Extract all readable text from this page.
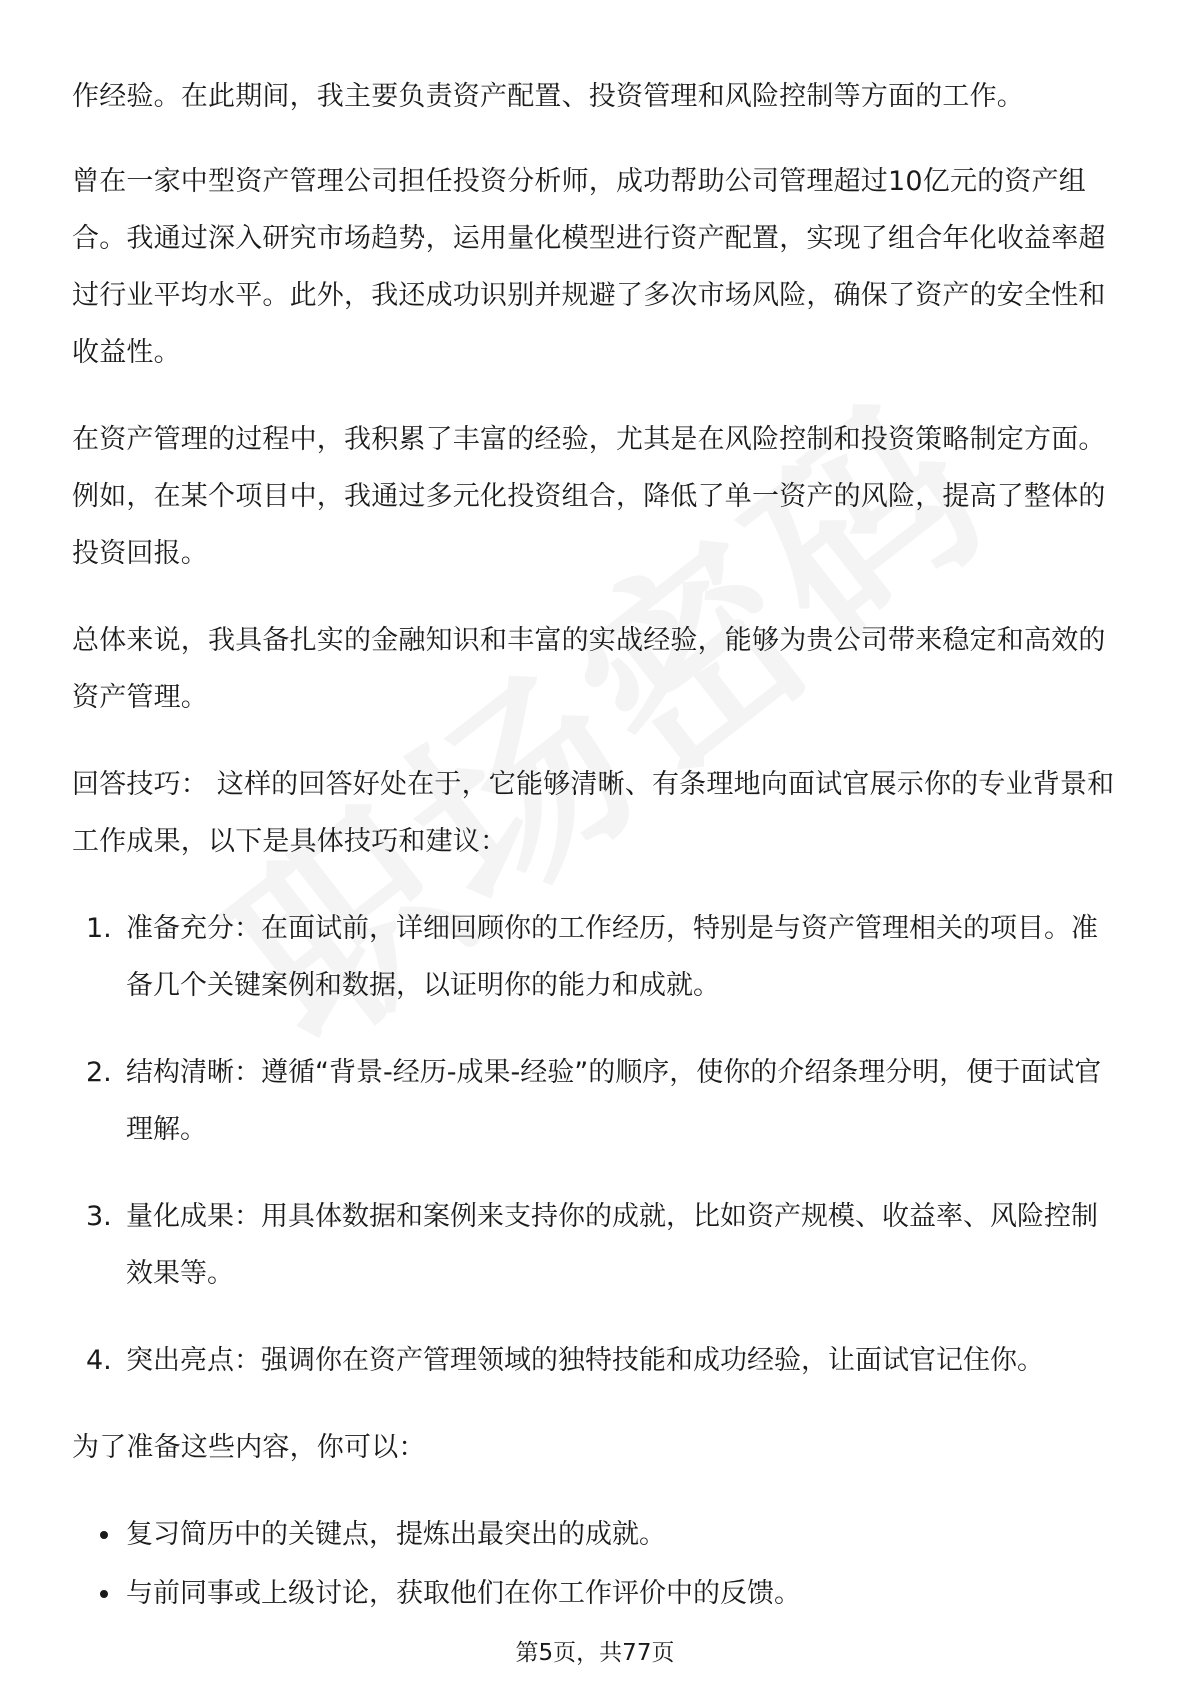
作经验。在此期间，我主要负责资产配置、投资管理和风险控制等方面的工作。

曾在一家中型资产管理公司担任投资分析师，成功帮助公司管理超过10亿元的资产组合。我通过深入研究市场趋势，运用量化模型进行资产配置，实现了组合年化收益率超过行业平均水平。此外，我还成功识别并规避了多次市场风险，确保了资产的安全性和收益性。

在资产管理的过程中，我积累了丰富的经验，尤其是在风险控制和投资策略制定方面。例如，在某个项目中，我通过多元化投资组合，降低了单一资产的风险，提高了整体的投资回报。

总体来说，我具备扎实的金融知识和丰富的实战经验，能够为贵公司带来稳定和高效的资产管理。

回答技巧： 这样的回答好处在于，它能够清晰、有条理地向面试官展示你的专业背景和工作成果，以下是具体技巧和建议：

1. 准备充分：在面试前，详细回顾你的工作经历，特别是与资产管理相关的项目。准备几个关键案例和数据，以证明你的能力和成就。
2. 结构清晰：遵循“背景-经历-成果-经验”的顺序，使你的介绍条理分明，便于面试官理解。
3. 量化成果：用具体数据和案例来支持你的成就，比如资产规模、收益率、风险控制效果等。
4. 突出亮点：强调你在资产管理领域的独特技能和成功经验，让面试官记住你。

为了准备这些内容，你可以：

复习简历中的关键点，提炼出最突出的成就。
与前同事或上级讨论，获取他们在你工作评价中的反馈。
第5页，共77页
